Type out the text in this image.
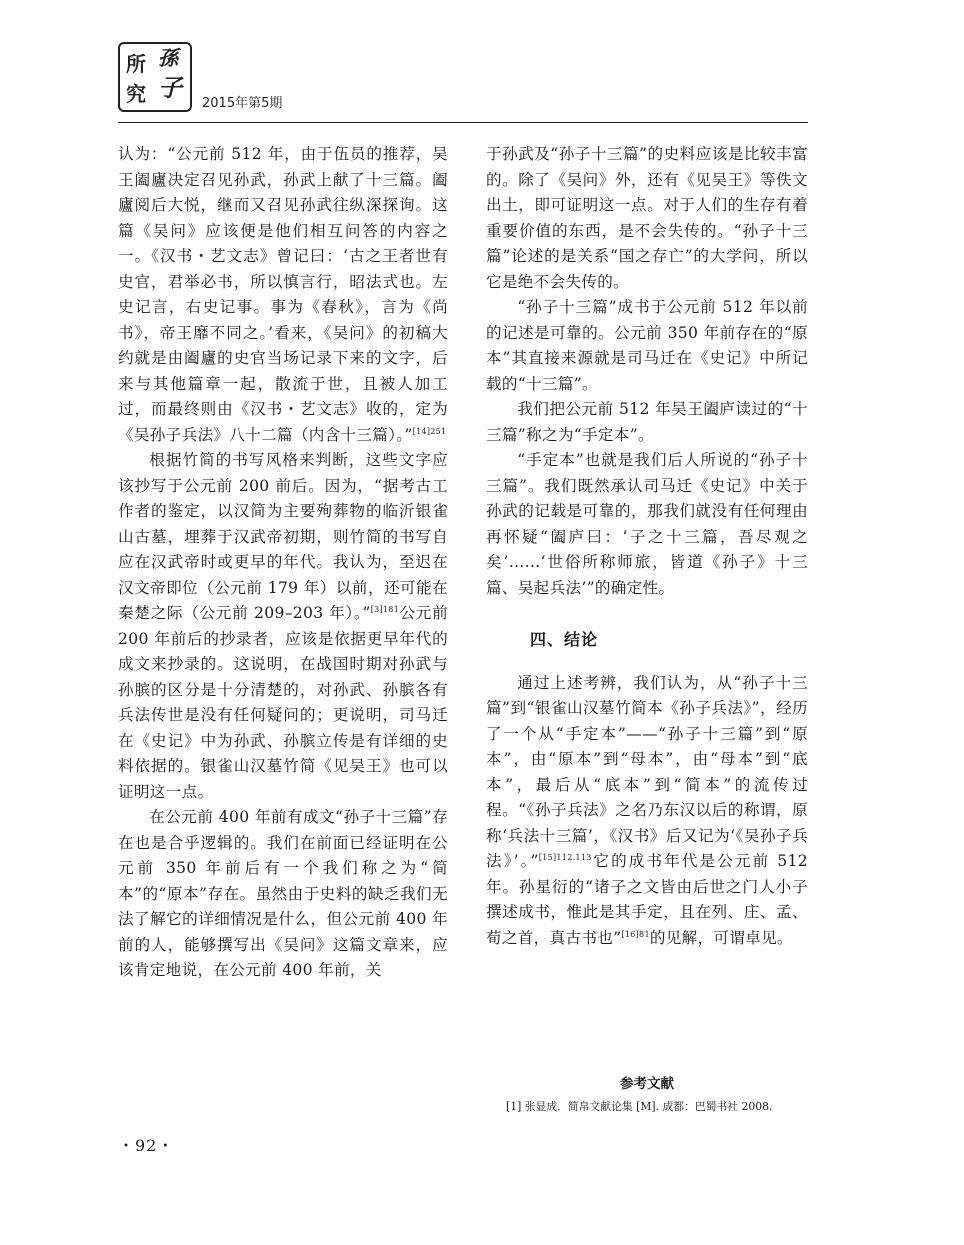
所 孫
究 子
2015年第5期

认为：“公元前 512 年，由于伍员的推荐，吴王阖廬决定召见孙武，孙武上献了十三篇。阖廬阅后大悦，继而又召见孙武往纵深探询。这篇《吴问》应该便是他们相互问答的内容之一。《汉书・艺文志》曾记曰：‘古之王者世有史官，君举必书，所以慎言行，昭法式也。左史记言，右史记事。事为《春秋》，言为《尚书》，帝王靡不同之。’看来，《吴问》的初稿大约就是由阖廬的史官当场记录下来的文字，后来与其他篇章一起，散流于世，且被人加工过，而最终则由《汉书・艺文志》收的，定为《吴孙子兵法》八十二篇（内含十三篇）。”$^{[14]251}$

根据竹简的书写风格来判断，这些文字应该抄写于公元前 200 前后。因为，“据考古工作者的鉴定，以汉简为主要殉葬物的临沂银雀山古墓，埋葬于汉武帝初期，则竹简的书写自应在汉武帝时或更早的年代。我认为，至迟在汉文帝即位（公元前 179 年）以前，还可能在秦楚之际（公元前 209–203 年）。”$^{[3]181}$公元前 200 年前后的抄录者，应该是依据更早年代的成文来抄录的。这说明，在战国时期对孙武与孙膑的区分是十分清楚的，对孙武、孙膑各有兵法传世是没有任何疑问的；更说明，司马迁在《史记》中为孙武、孙膑立传是有详细的史料依据的。银雀山汉墓竹简《见吴王》也可以证明这一点。

在公元前 400 年前有成文“孙子十三篇”存在也是合乎逻辑的。我们在前面已经证明在公元前 350 年前后有一个我们称之为“简本”的“原本”存在。虽然由于史料的缺乏我们无法了解它的详细情况是什么，但公元前 400 年前的人，能够撰写出《吴问》这篇文章来，应该肯定地说，在公元前 400 年前，关

于孙武及“孙子十三篇”的史料应该是比较丰富的。除了《吴问》外，还有《见吴王》等佚文出土，即可证明这一点。对于人们的生存有着重要价值的东西，是不会失传的。“孙子十三篇”论述的是关系“国之存亡”的大学问，所以它是绝不会失传的。

“孙子十三篇”成书于公元前 512 年以前的记述是可靠的。公元前 350 年前存在的“原本”其直接来源就是司马迁在《史记》中所记载的“十三篇”。

我们把公元前 512 年吴王阖庐读过的“十三篇”称之为“手定本”。

“手定本”也就是我们后人所说的“孙子十三篇”。我们既然承认司马迁《史记》中关于孙武的记载是可靠的，那我们就没有任何理由再怀疑“阖庐曰：‘子之十三篇，吾尽观之矣’……‘世俗所称师旅，皆道《孙子》十三篇、吴起兵法’”的确定性。

四、结论

通过上述考辨，我们认为，从“孙子十三篇”到“银雀山汉墓竹简本《孙子兵法》”，经历了一个从“手定本”——“孙子十三篇”到“原本”，由“原本”到“母本”，由“母本”到“底本”，最后从“底本”到“简本”的流传过程。“《孙子兵法》之名乃东汉以后的称谓，原称‘兵法十三篇’，《汉书》后又记为‘《吴孙子兵法》’。”$^{[15]112.113}$它的成书年代是公元前 512 年。孙星衍的“诸子之文皆由后世之门人小子撰述成书，惟此是其手定，且在列、庄、孟、荀之首，真古书也”$^{[16]81}$的见解，可谓卓见。

参考文献
[1] 张显成．简帛文献论集 [M]. 成都：巴蜀书社 2008.
・92・
